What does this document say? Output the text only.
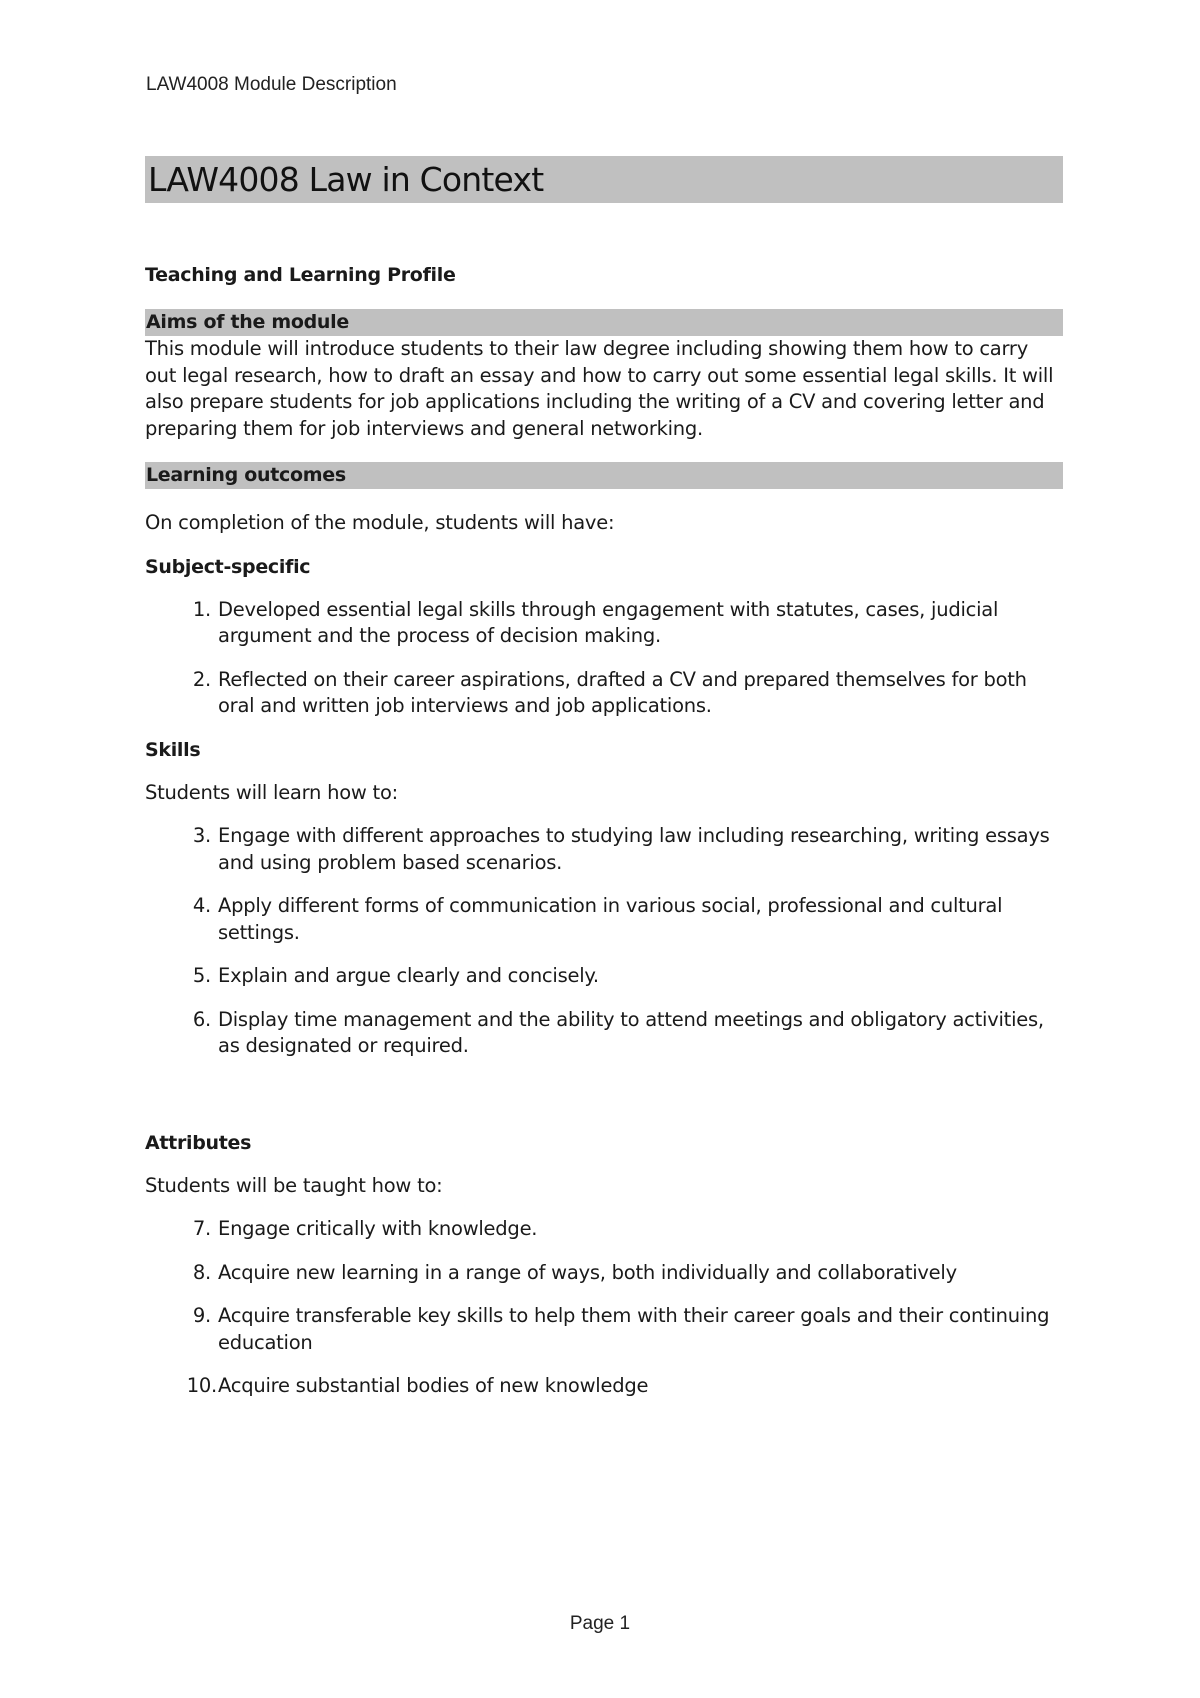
LAW4008 Module Description
LAW4008 Law in Context
Teaching and Learning Profile
Aims of the module

This module will introduce students to their law degree including showing them how to carry out legal research, how to draft an essay and how to carry out some essential legal skills. It will also prepare students for job applications including the writing of a CV and covering letter and preparing them for job interviews and general networking.

Learning outcomes

On completion of the module, students will have:

Subject-specific
1. Developed essential legal skills through engagement with statutes, cases, judicial argument and the process of decision making.
2. Reflected on their career aspirations, drafted a CV and prepared themselves for both oral and written job interviews and job applications.
Skills

Students will learn how to:

3. Engage with different approaches to studying law including researching, writing essays and using problem based scenarios.
4. Apply different forms of communication in various social, professional and cultural settings.
5. Explain and argue clearly and concisely.
6. Display time management and the ability to attend meetings and obligatory activities, as designated or required.
Attributes

Students will be taught how to:

7. Engage critically with knowledge.
8. Acquire new learning in a range of ways, both individually and collaboratively
9. Acquire transferable key skills to help them with their career goals and their continuing education
10. Acquire substantial bodies of new knowledge
Page 1
